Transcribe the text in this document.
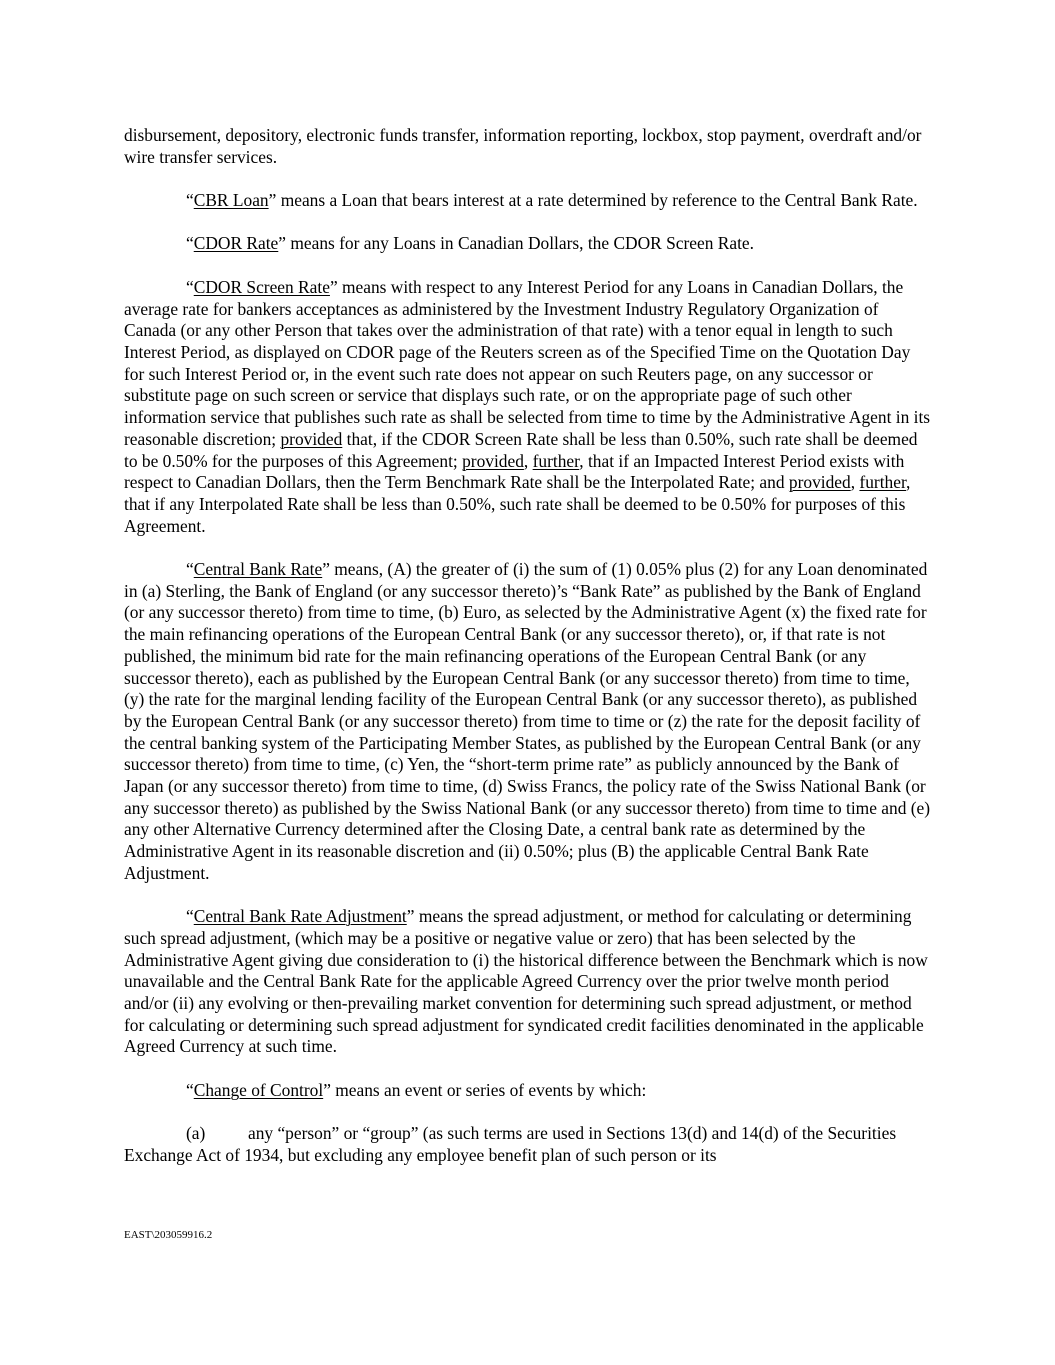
disbursement, depository, electronic funds transfer, information reporting, lockbox, stop payment, overdraft and/or wire transfer services.

“CBR Loan” means a Loan that bears interest at a rate determined by reference to the Central Bank Rate.

“CDOR Rate” means for any Loans in Canadian Dollars, the CDOR Screen Rate.

“CDOR Screen Rate” means with respect to any Interest Period for any Loans in Canadian Dollars, the average rate for bankers acceptances as administered by the Investment Industry Regulatory Organization of Canada (or any other Person that takes over the administration of that rate) with a tenor equal in length to such Interest Period, as displayed on CDOR page of the Reuters screen as of the Specified Time on the Quotation Day for such Interest Period or, in the event such rate does not appear on such Reuters page, on any successor or substitute page on such screen or service that displays such rate, or on the appropriate page of such other information service that publishes such rate as shall be selected from time to time by the Administrative Agent in its reasonable discretion; provided that, if the CDOR Screen Rate shall be less than 0.50%, such rate shall be deemed to be 0.50% for the purposes of this Agreement; provided, further, that if an Impacted Interest Period exists with respect to Canadian Dollars, then the Term Benchmark Rate shall be the Interpolated Rate; and provided, further, that if any Interpolated Rate shall be less than 0.50%, such rate shall be deemed to be 0.50% for purposes of this Agreement.

“Central Bank Rate” means, (A) the greater of (i) the sum of (1) 0.05% plus (2) for any Loan denominated in (a) Sterling, the Bank of England (or any successor thereto)’s “Bank Rate” as published by the Bank of England (or any successor thereto) from time to time, (b) Euro, as selected by the Administrative Agent (x) the fixed rate for the main refinancing operations of the European Central Bank (or any successor thereto), or, if that rate is not published, the minimum bid rate for the main refinancing operations of the European Central Bank (or any successor thereto), each as published by the European Central Bank (or any successor thereto) from time to time, (y) the rate for the marginal lending facility of the European Central Bank (or any successor thereto), as published by the European Central Bank (or any successor thereto) from time to time or (z) the rate for the deposit facility of the central banking system of the Participating Member States, as published by the European Central Bank (or any successor thereto) from time to time, (c) Yen, the “short-term prime rate” as publicly announced by the Bank of Japan (or any successor thereto) from time to time, (d) Swiss Francs, the policy rate of the Swiss National Bank (or any successor thereto) as published by the Swiss National Bank (or any successor thereto) from time to time and (e) any other Alternative Currency determined after the Closing Date, a central bank rate as determined by the Administrative Agent in its reasonable discretion and (ii) 0.50%; plus (B) the applicable Central Bank Rate Adjustment.

“Central Bank Rate Adjustment” means the spread adjustment, or method for calculating or determining such spread adjustment, (which may be a positive or negative value or zero) that has been selected by the Administrative Agent giving due consideration to (i) the historical difference between the Benchmark which is now unavailable and the Central Bank Rate for the applicable Agreed Currency over the prior twelve month period and/or (ii) any evolving or then-prevailing market convention for determining such spread adjustment, or method for calculating or determining such spread adjustment for syndicated credit facilities denominated in the applicable Agreed Currency at such time.

“Change of Control” means an event or series of events by which:

(a) any “person” or “group” (as such terms are used in Sections 13(d) and 14(d) of the Securities Exchange Act of 1934, but excluding any employee benefit plan of such person or its

EAST\203059916.2
